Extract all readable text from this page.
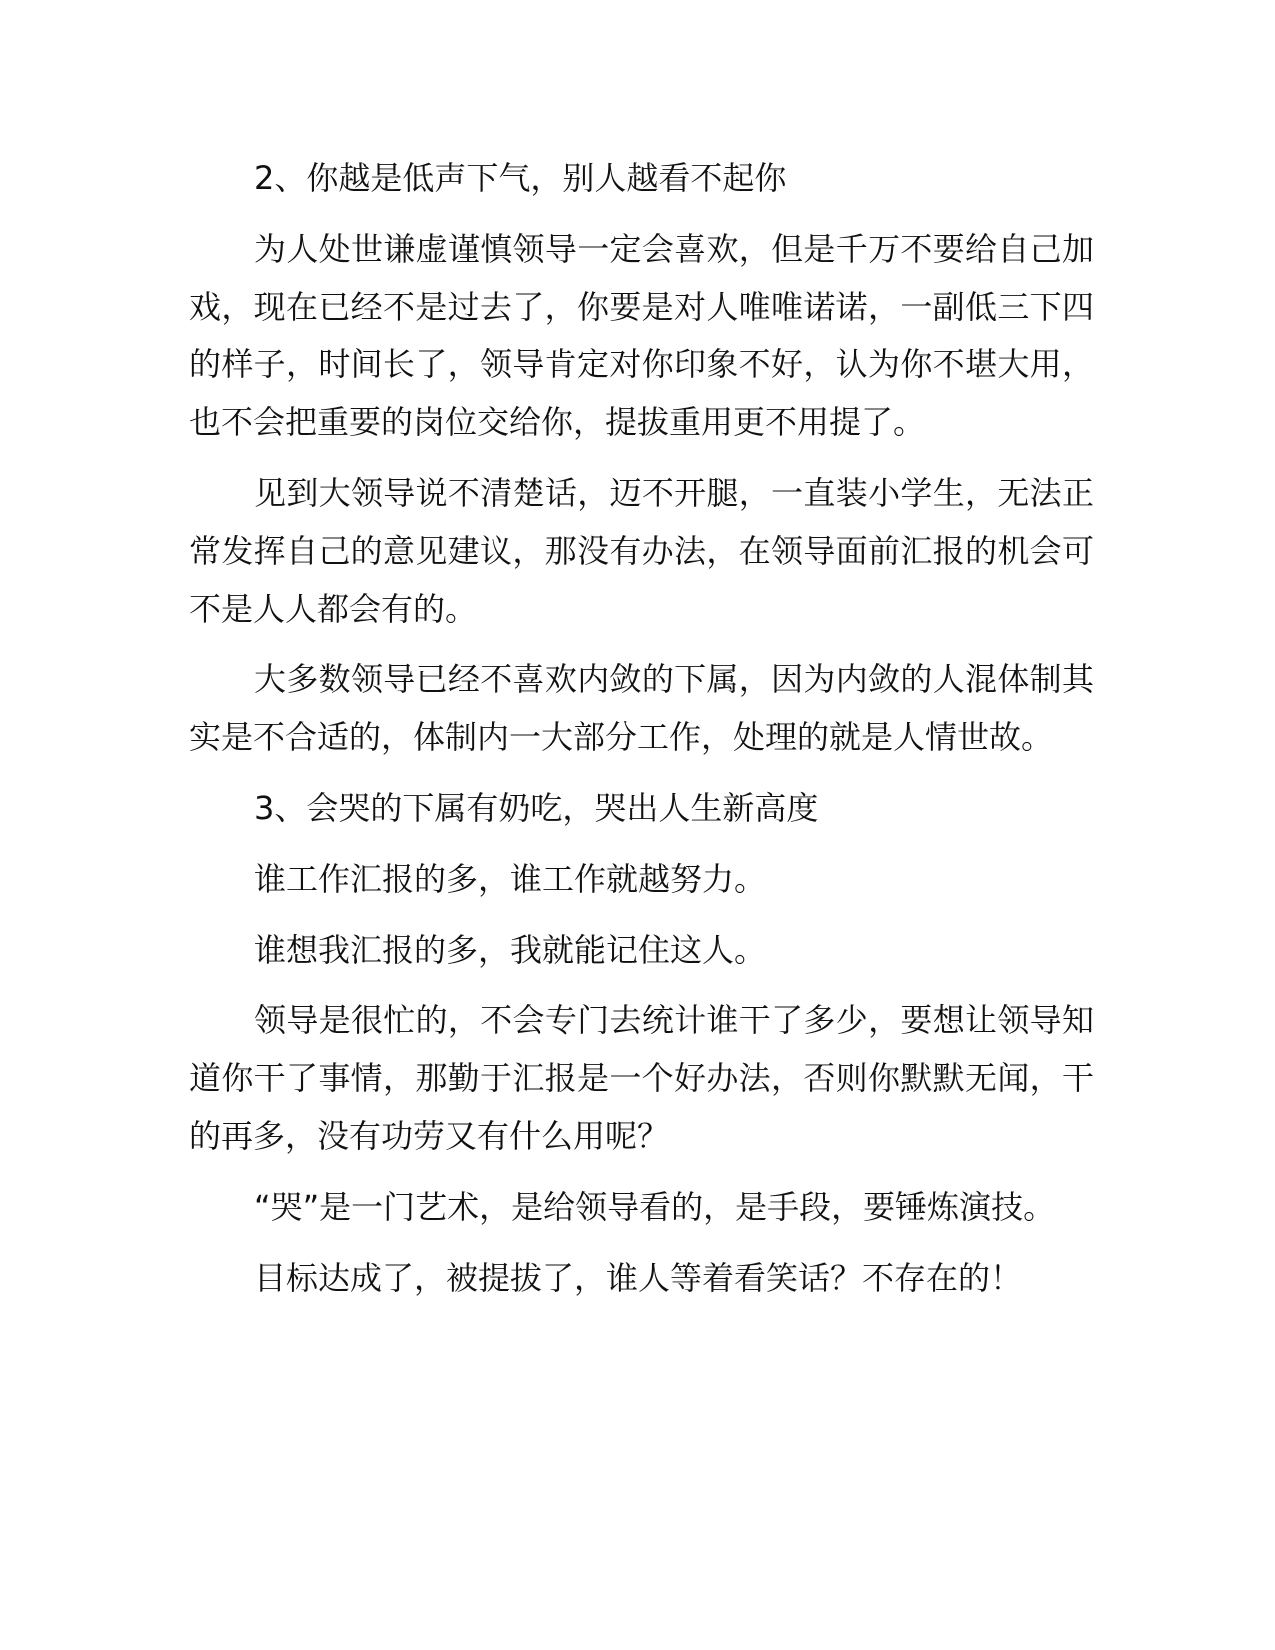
2、你越是低声下气，别人越看不起你

为人处世谦虚谨慎领导一定会喜欢，但是千万不要给自己加戏，现在已经不是过去了，你要是对人唯唯诺诺，一副低三下四的样子，时间长了，领导肯定对你印象不好，认为你不堪大用，也不会把重要的岗位交给你，提拔重用更不用提了。

见到大领导说不清楚话，迈不开腿，一直装小学生，无法正常发挥自己的意见建议，那没有办法，在领导面前汇报的机会可不是人人都会有的。

大多数领导已经不喜欢内敛的下属，因为内敛的人混体制其实是不合适的，体制内一大部分工作，处理的就是人情世故。

3、会哭的下属有奶吃，哭出人生新高度

谁工作汇报的多，谁工作就越努力。

谁想我汇报的多，我就能记住这人。

领导是很忙的，不会专门去统计谁干了多少，要想让领导知道你干了事情，那勤于汇报是一个好办法，否则你默默无闻，干的再多，没有功劳又有什么用呢？

“哭”是一门艺术，是给领导看的，是手段，要锤炼演技。

目标达成了，被提拔了，谁人等着看笑话？不存在的！
